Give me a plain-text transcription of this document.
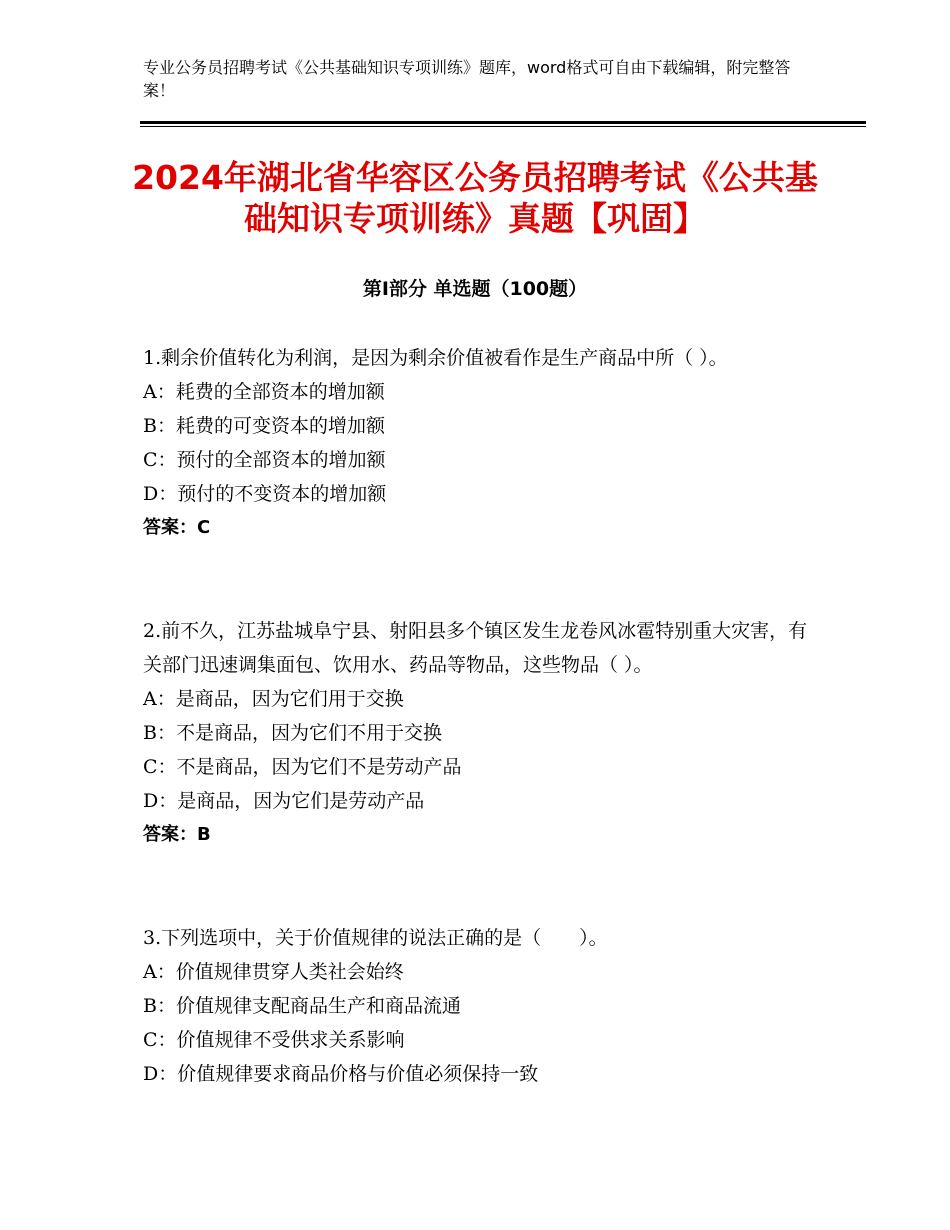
专业公务员招聘考试《公共基础知识专项训练》题库，word格式可自由下载编辑，附完整答案！
2024年湖北省华容区公务员招聘考试《公共基础知识专项训练》真题【巩固】
第Ⅰ部分 单选题（100题）

1.剩余价值转化为利润，是因为剩余价值被看作是生产商品中所（ ）。

A：耗费的全部资本的增加额

B：耗费的可变资本的增加额

C：预付的全部资本的增加额

D：预付的不变资本的增加额

答案：C

2.前不久，江苏盐城阜宁县、射阳县多个镇区发生龙卷风冰雹特别重大灾害，有关部门迅速调集面包、饮用水、药品等物品，这些物品（ ）。

A：是商品，因为它们用于交换

B：不是商品，因为它们不用于交换

C：不是商品，因为它们不是劳动产品

D：是商品，因为它们是劳动产品

答案：B

3.下列选项中，关于价值规律的说法正确的是（　　）。

A：价值规律贯穿人类社会始终

B：价值规律支配商品生产和商品流通

C：价值规律不受供求关系影响

D：价值规律要求商品价格与价值必须保持一致
